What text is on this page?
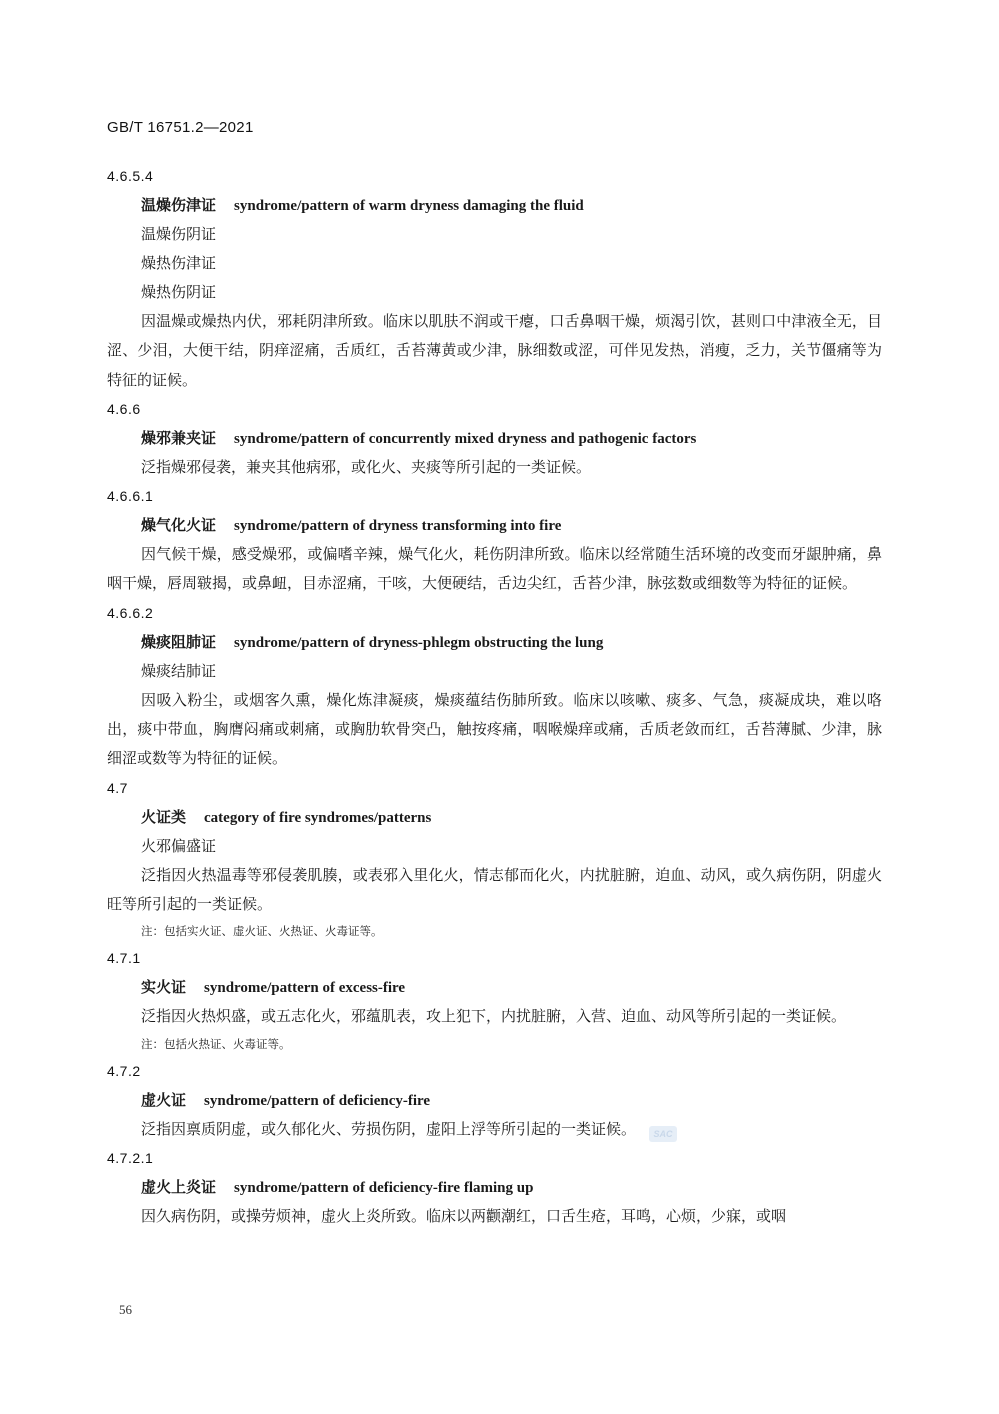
GB/T 16751.2—2021
4.6.5.4
温燥伤津证 syndrome/pattern of warm dryness damaging the fluid
温燥伤阴证
燥热伤津证
燥热伤阴证

因温燥或燥热内伏，邪耗阴津所致。临床以肌肤不润或干瘪，口舌鼻咽干燥，烦渴引饮，甚则口中津液全无，目涩、少泪，大便干结，阴痒涩痛，舌质红，舌苔薄黄或少津，脉细数或涩，可伴见发热，消瘦，乏力，关节僵痛等为特征的证候。

4.6.6
燥邪兼夹证 syndrome/pattern of concurrently mixed dryness and pathogenic factors

泛指燥邪侵袭，兼夹其他病邪，或化火、夹痰等所引起的一类证候。

4.6.6.1
燥气化火证 syndrome/pattern of dryness transforming into fire

因气候干燥，感受燥邪，或偏嗜辛辣，燥气化火，耗伤阴津所致。临床以经常随生活环境的改变而牙龈肿痛，鼻咽干燥，唇周皲揭，或鼻衄，目赤涩痛，干咳，大便硬结，舌边尖红，舌苔少津，脉弦数或细数等为特征的证候。

4.6.6.2
燥痰阻肺证 syndrome/pattern of dryness-phlegm obstructing the lung
燥痰结肺证

因吸入粉尘，或烟客久熏，燥化炼津凝痰，燥痰蕴结伤肺所致。临床以咳嗽、痰多、气急，痰凝成块，难以咯出，痰中带血，胸膺闷痛或刺痛，或胸肋软骨突凸，触按疼痛，咽喉燥痒或痛，舌质老敛而红，舌苔薄腻、少津，脉细涩或数等为特征的证候。

4.7
火证类 category of fire syndromes/patterns
火邪偏盛证

泛指因火热温毒等邪侵袭肌腠，或表邪入里化火，情志郁而化火，内扰脏腑，迫血、动风，或久病伤阴，阴虚火旺等所引起的一类证候。

注：包括实火证、虚火证、火热证、火毒证等。
4.7.1
实火证 syndrome/pattern of excess-fire

泛指因火热炽盛，或五志化火，邪蕴肌表，攻上犯下，内扰脏腑，入营、迫血、动风等所引起的一类证候。

注：包括火热证、火毒证等。
4.7.2
虚火证 syndrome/pattern of deficiency-fire

泛指因禀质阴虚，或久郁化火、劳损伤阴，虚阳上浮等所引起的一类证候。

4.7.2.1
虚火上炎证 syndrome/pattern of deficiency-fire flaming up

因久病伤阴，或操劳烦神，虚火上炎所致。临床以两颧潮红，口舌生疮，耳鸣，心烦，少寐，或咽

SAC
56
